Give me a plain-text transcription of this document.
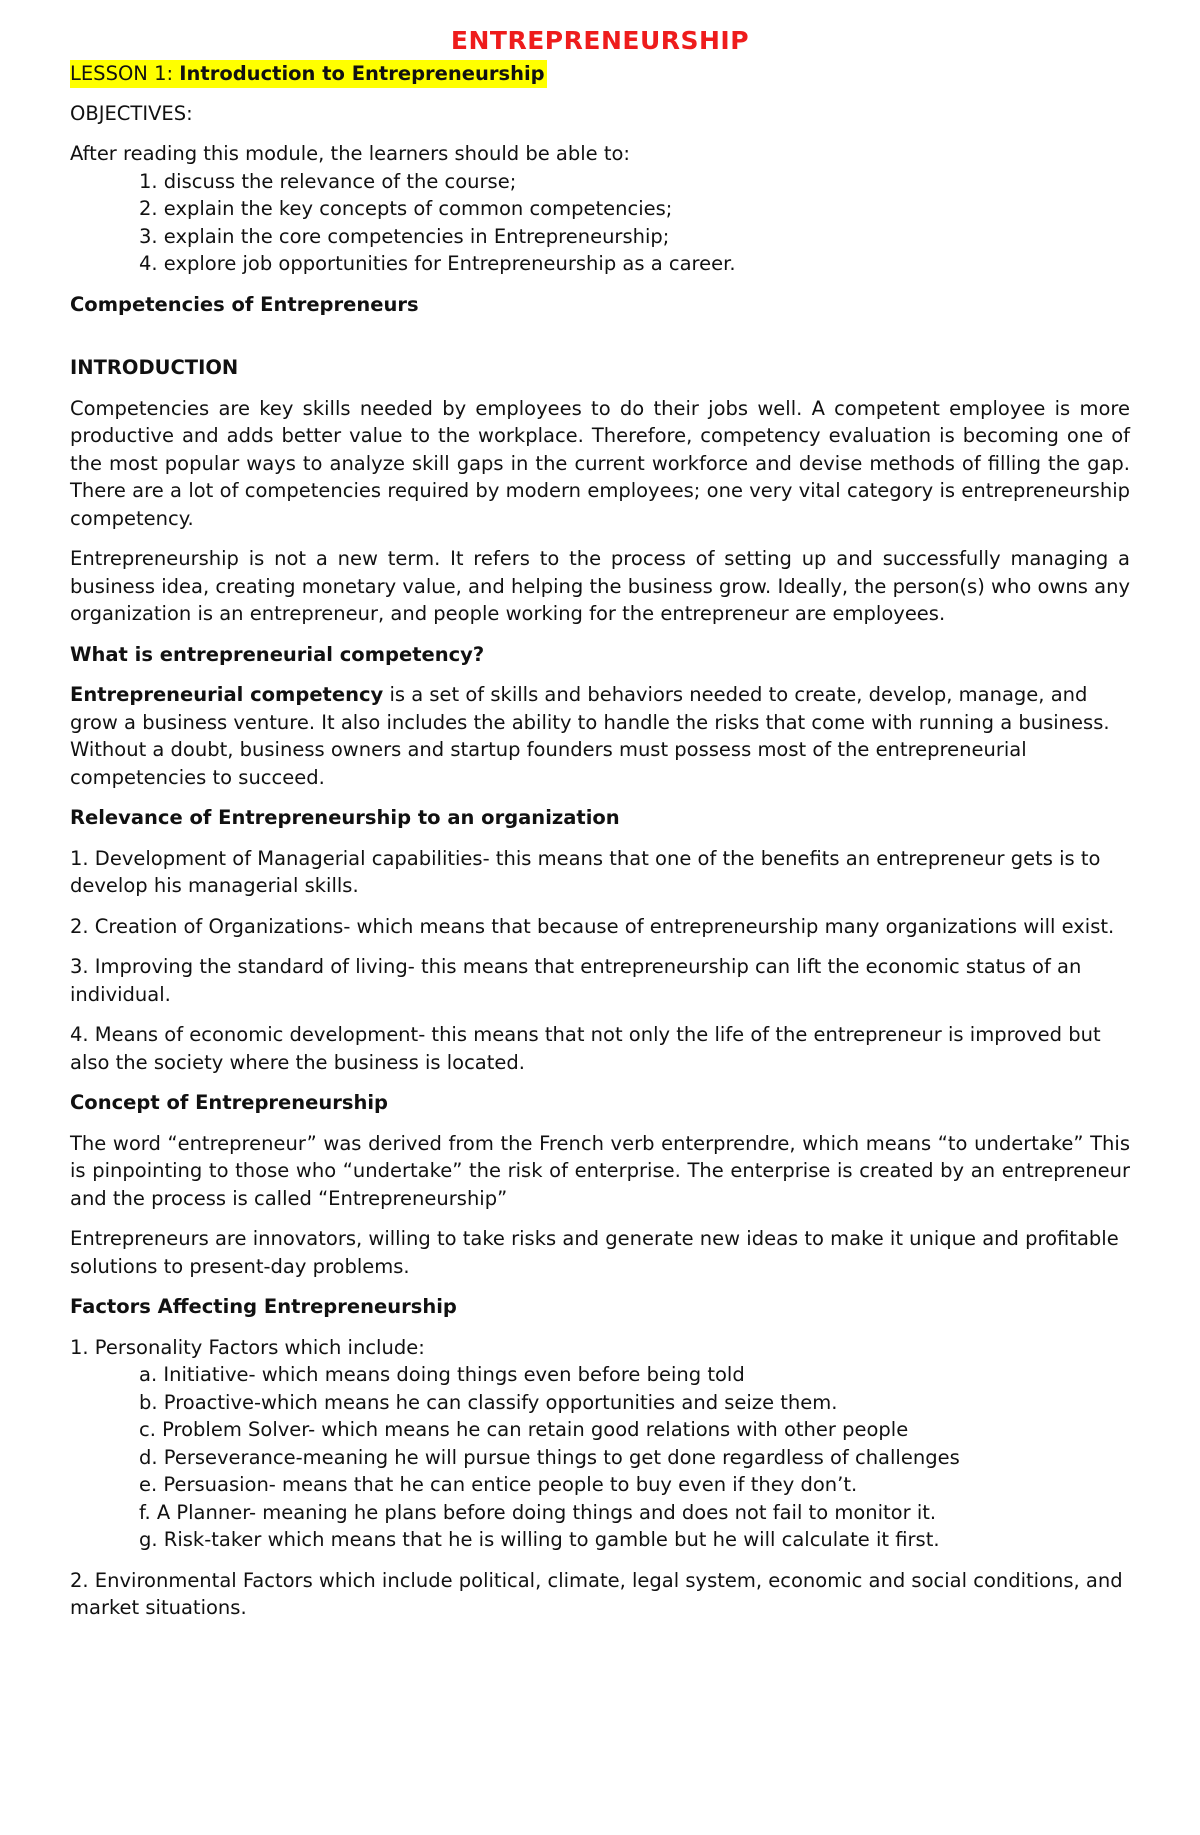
ENTREPRENEURSHIP
LESSON 1: Introduction to Entrepreneurship

OBJECTIVES:

After reading this module, the learners should be able to:

1. discuss the relevance of the course;
2. explain the key concepts of common competencies;
3. explain the core competencies in Entrepreneurship;
4. explore job opportunities for Entrepreneurship as a career.
Competencies of Entrepreneurs

INTRODUCTION

Competencies are key skills needed by employees to do their jobs well. A competent employee is more productive and adds better value to the workplace. Therefore, competency evaluation is becoming one of the most popular ways to analyze skill gaps in the current workforce and devise methods of filling the gap. There are a lot of competencies required by modern employees; one very vital category is entrepreneurship competency.

Entrepreneurship is not a new term. It refers to the process of setting up and successfully managing a business idea, creating monetary value, and helping the business grow. Ideally, the person(s) who owns any organization is an entrepreneur, and people working for the entrepreneur are employees.

What is entrepreneurial competency?

Entrepreneurial competency is a set of skills and behaviors needed to create, develop, manage, and grow a business venture. It also includes the ability to handle the risks that come with running a business. Without a doubt, business owners and startup founders must possess most of the entrepreneurial competencies to succeed.

Relevance of Entrepreneurship to an organization

1. Development of Managerial capabilities- this means that one of the benefits an entrepreneur gets is to develop his managerial skills.

2. Creation of Organizations- which means that because of entrepreneurship many organizations will exist.

3. Improving the standard of living- this means that entrepreneurship can lift the economic status of an individual.

4. Means of economic development- this means that not only the life of the entrepreneur is improved but also the society where the business is located.

Concept of Entrepreneurship

The word “entrepreneur” was derived from the French verb enterprendre, which means “to undertake” This is pinpointing to those who “undertake” the risk of enterprise. The enterprise is created by an entrepreneur and the process is called “Entrepreneurship”

Entrepreneurs are innovators, willing to take risks and generate new ideas to make it unique and profitable solutions to present-day problems.

Factors Affecting Entrepreneurship

1. Personality Factors which include:

a. Initiative- which means doing things even before being told
b. Proactive-which means he can classify opportunities and seize them.
c. Problem Solver- which means he can retain good relations with other people
d. Perseverance-meaning he will pursue things to get done regardless of challenges
e. Persuasion- means that he can entice people to buy even if they don’t.
f. A Planner- meaning he plans before doing things and does not fail to monitor it.
g. Risk-taker which means that he is willing to gamble but he will calculate it first.

2. Environmental Factors which include political, climate, legal system, economic and social conditions, and market situations.
